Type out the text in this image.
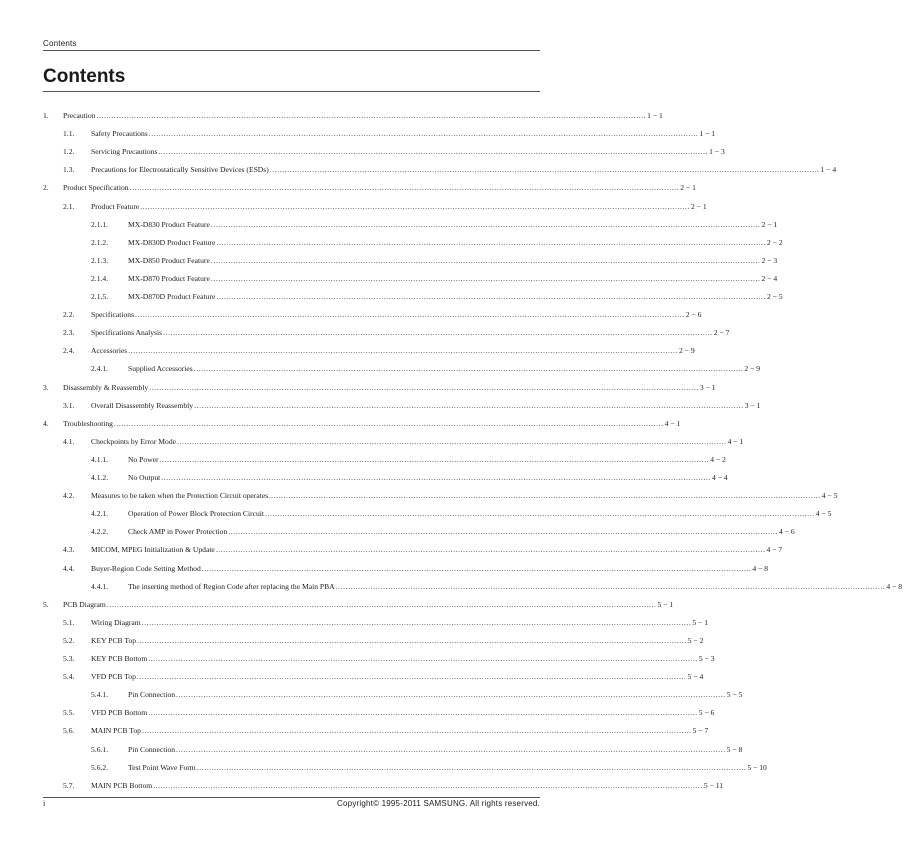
Contents
Contents
1.	Precaution ............................................................................................................................................................................................................................ 1 − 1
1.1.	Safety Precautions ............................................................................................................................................................................................................................ 1 − 1
1.2.	Servicing Precautions ............................................................................................................................................................................................................................ 1 − 3
1.3.	Precautions for Electrostatically Sensitive Devices (ESDs) ............................................................................................................................................................................................................................ 1 − 4
2.	Product Specification ............................................................................................................................................................................................................................ 2 − 1
2.1.	Product Feature ............................................................................................................................................................................................................................ 2 − 1
2.1.1.	MX-D830 Product Feature ............................................................................................................................................................................................................................ 2 − 1
2.1.2.	MX-D830D Product Feature ............................................................................................................................................................................................................................ 2 − 2
2.1.3.	MX-D850 Product Feature ............................................................................................................................................................................................................................ 2 − 3
2.1.4.	MX-D870 Product Feature ............................................................................................................................................................................................................................ 2 − 4
2.1.5.	MX-D870D Product Feature ............................................................................................................................................................................................................................ 2 − 5
2.2.	Specifications ............................................................................................................................................................................................................................ 2 − 6
2.3.	Specifications Analysis ............................................................................................................................................................................................................................ 2 − 7
2.4.	Accessories ............................................................................................................................................................................................................................ 2 − 9
2.4.1.	Supplied Accessories ............................................................................................................................................................................................................................ 2 − 9
3.	Disassembly & Reassembly ............................................................................................................................................................................................................................ 3 − 1
3.1.	Overall Disassembly Reassembly ............................................................................................................................................................................................................................ 3 − 1
4.	Troubleshooting ............................................................................................................................................................................................................................ 4 − 1
4.1.	Checkpoints by Error Mode ............................................................................................................................................................................................................................ 4 − 1
4.1.1.	No Power ............................................................................................................................................................................................................................ 4 − 2
4.1.2.	No Output ............................................................................................................................................................................................................................ 4 − 4
4.2.	Measures to be taken when the Protection Circuit operates. ............................................................................................................................................................................................................................ 4 − 5
4.2.1.	Operation of Power Block Protection Circuit ............................................................................................................................................................................................................................ 4 − 5
4.2.2.	Check AMP in Power Protection ............................................................................................................................................................................................................................ 4 − 6
4.3.	MICOM, MPEG Initialization & Update ............................................................................................................................................................................................................................ 4 − 7
4.4.	Buyer-Region Code Setting Method ............................................................................................................................................................................................................................ 4 − 8
4.4.1.	The inserting method of Region Code after replacing the Main PBA ............................................................................................................................................................................................................................ 4 − 8
5.	PCB Diagram ............................................................................................................................................................................................................................ 5 − 1
5.1.	Wiring Diagram ............................................................................................................................................................................................................................ 5 − 1
5.2.	KEY PCB Top ............................................................................................................................................................................................................................ 5 − 2
5.3.	KEY PCB Bottom ............................................................................................................................................................................................................................ 5 − 3
5.4.	VFD PCB Top ............................................................................................................................................................................................................................ 5 − 4
5.4.1.	Pin Connection ............................................................................................................................................................................................................................ 5 − 5
5.5.	VFD PCB Bottom ............................................................................................................................................................................................................................ 5 − 6
5.6.	MAIN PCB Top ............................................................................................................................................................................................................................ 5 − 7
5.6.1.	Pin Connection ............................................................................................................................................................................................................................ 5 − 8
5.6.2.	Test Point Wave Form ............................................................................................................................................................................................................................ 5 − 10
5.7.	MAIN PCB Bottom ............................................................................................................................................................................................................................ 5 − 11
i	Copyright© 1995-2011 SAMSUNG. All rights reserved.
